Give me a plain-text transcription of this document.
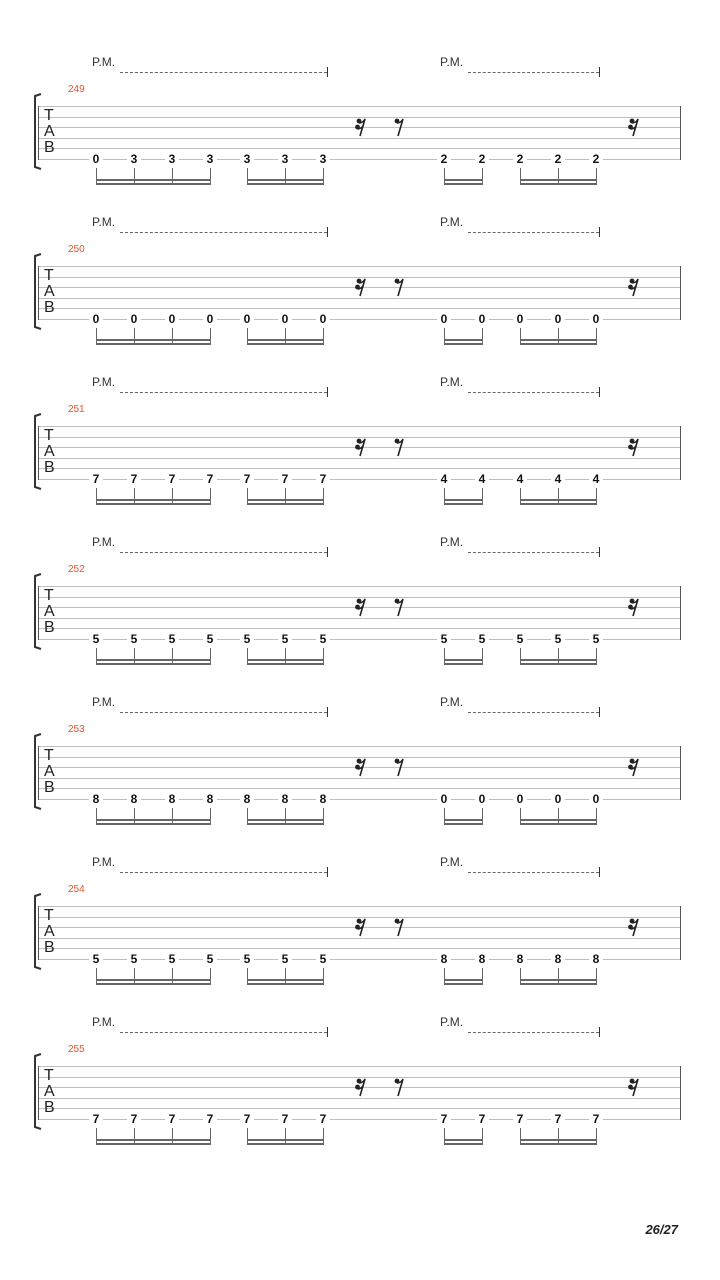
P.M.	P.M.
249
T
A
B
0	3	3	3	3	3	3	2	2	2	2	2
P.M.	P.M.
250
T
A
B
0	0	0	0	0	0	0	0	0	0	0	0
P.M.	P.M.
251
T
A
B
7	7	7	7	7	7	7	4	4	4	4	4
P.M.	P.M.
252
T
A
B
5	5	5	5	5	5	5	5	5	5	5	5
P.M.	P.M.
253
T
A
B
8	8	8	8	8	8	8	0	0	0	0	0
P.M.	P.M.
254
T
A
B
5	5	5	5	5	5	5	8	8	8	8	8
P.M.	P.M.
255
T
A
B
7	7	7	7	7	7	7	7	7	7	7	7
26/27
